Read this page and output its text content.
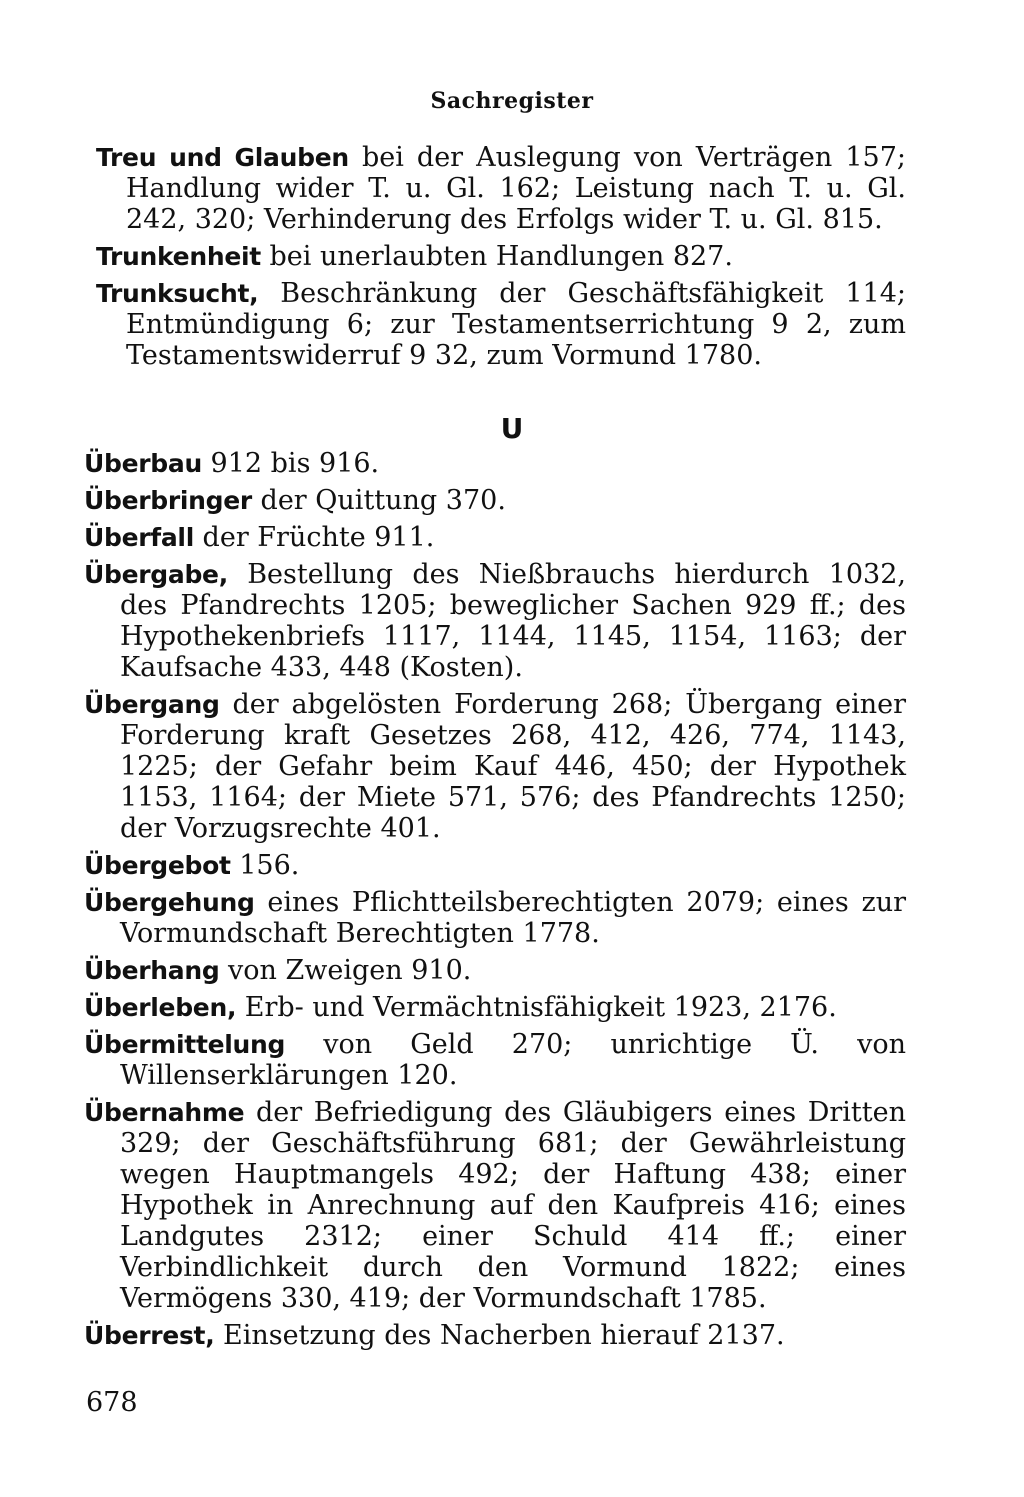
Sachregister

Treu und Glauben bei der Auslegung von Verträgen 157; Handlung wider T. u. Gl. 162; Leistung nach T. u. Gl. 242, 320; Verhinderung des Erfolgs wider T. u. Gl. 815.

Trunkenheit bei unerlaubten Handlungen 827.

Trunksucht, Beschränkung der Geschäftsfähigkeit 114; Entmündigung 6; zur Testamentserrichtung 9 2, zum Testamentswiderruf 9 32, zum Vormund 1780.

U

Überbau 912 bis 916.

Überbringer der Quittung 370.

Überfall der Früchte 911.

Übergabe, Bestellung des Nießbrauchs hierdurch 1032, des Pfandrechts 1205; beweglicher Sachen 929 ff.; des Hypothekenbriefs 1117, 1144, 1145, 1154, 1163; der Kaufsache 433, 448 (Kosten).

Übergang der abgelösten Forderung 268; Übergang einer Forderung kraft Gesetzes 268, 412, 426, 774, 1143, 1225; der Gefahr beim Kauf 446, 450; der Hypothek 1153, 1164; der Miete 571, 576; des Pfandrechts 1250; der Vorzugsrechte 401.

Übergebot 156.

Übergehung eines Pflichtteilsberechtigten 2079; eines zur Vormundschaft Berechtigten 1778.

Überhang von Zweigen 910.

Überleben, Erb- und Vermächtnisfähigkeit 1923, 2176.

Übermittelung von Geld 270; unrichtige Ü. von Willenserklärungen 120.

Übernahme der Befriedigung des Gläubigers eines Dritten 329; der Geschäftsführung 681; der Gewährleistung wegen Hauptmangels 492; der Haftung 438; einer Hypothek in Anrechnung auf den Kaufpreis 416; eines Landgutes 2312; einer Schuld 414 ff.; einer Verbindlichkeit durch den Vormund 1822; eines Vermögens 330, 419; der Vormundschaft 1785.

Überrest, Einsetzung des Nacherben hierauf 2137.

678
